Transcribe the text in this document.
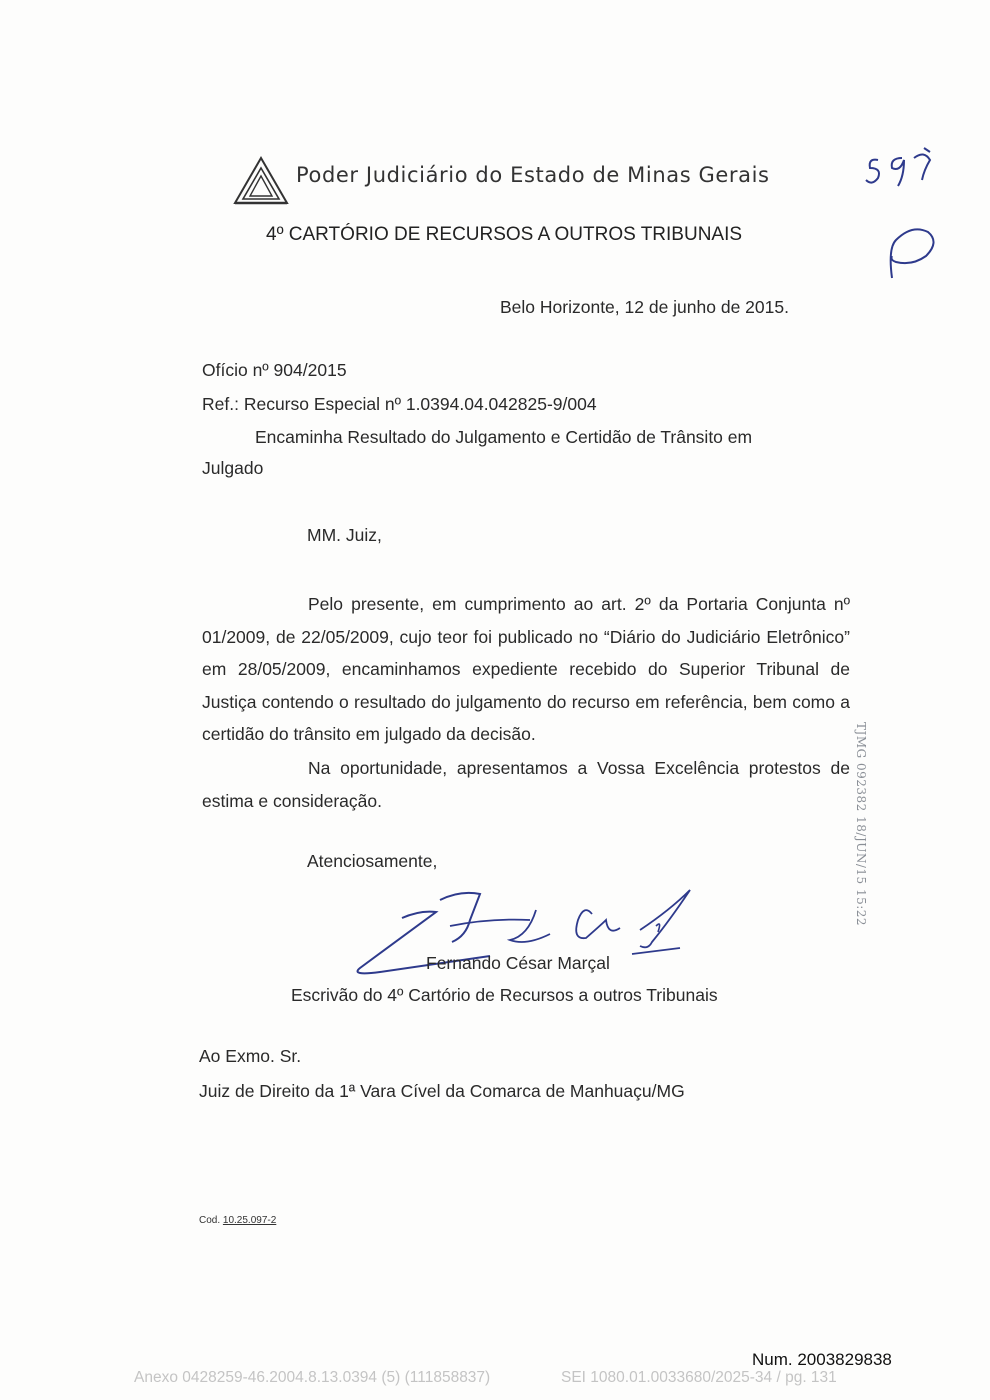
Poder Judiciário do Estado de Minas Gerais
4º CARTÓRIO DE RECURSOS A OUTROS TRIBUNAIS
Belo Horizonte, 12 de junho de 2015.
Ofício nº 904/2015
Ref.: Recurso Especial nº 1.0394.04.042825-9/004
Encaminha Resultado do Julgamento e Certidão de Trânsito em
Julgado
MM. Juiz,
Pelo presente, em cumprimento ao art. 2º da Portaria Conjunta nº 01/2009, de 22/05/2009, cujo teor foi publicado no “Diário do Judiciário Eletrônico” em 28/05/2009, encaminhamos expediente recebido do Superior Tribunal de Justiça contendo o resultado do julgamento do recurso em referência, bem como a certidão do trânsito em julgado da decisão.
Na oportunidade, apresentamos a Vossa Excelência protestos de estima e consideração.
Atenciosamente,
Fernando César Marçal
Escrivão do 4º Cartório de Recursos a outros Tribunais
Ao Exmo. Sr.
Juiz de Direito da 1ª Vara Cível da Comarca de Manhuaçu/MG
Cod. 10.25.097-2
TJMG 092382 18/JUN/15 15:22
Num. 2003829838
Anexo 0428259-46.2004.8.13.0394 (5) (111858837)	SEI 1080.01.0033680/2025-34 / pg. 131
